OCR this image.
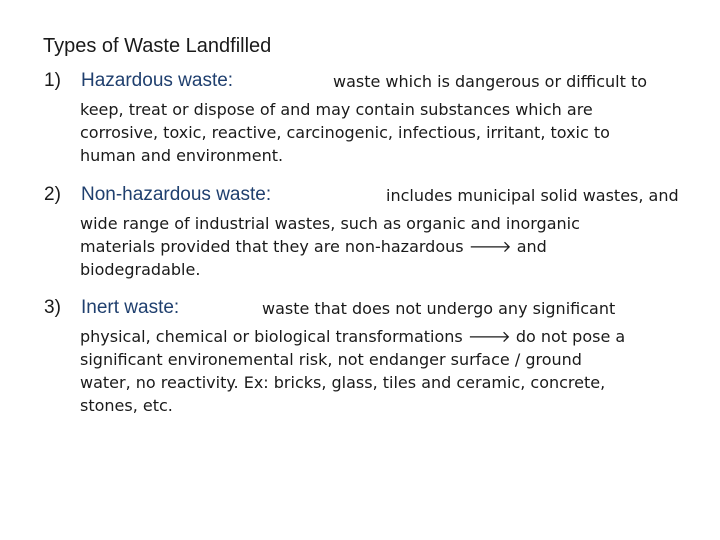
Types of Waste Landfilled
1) Hazardous waste:	waste which is dangerous or difficult to
keep, treat or dispose of and may contain substances which are
corrosive, toxic, reactive, carcinogenic, infectious, irritant, toxic to
human and environment.
2) Non-hazardous waste:	includes municipal solid wastes, and
wide range of industrial wastes, such as organic and inorganic
materials provided that they are non-hazardous 🡒 and
biodegradable.
3) Inert waste:	waste that does not undergo any significant
physical, chemical or biological transformations 🡒 do not pose a
significant environemental risk, not endanger surface / ground
water, no reactivity. Ex: bricks, glass, tiles and ceramic, concrete,
stones, etc.
